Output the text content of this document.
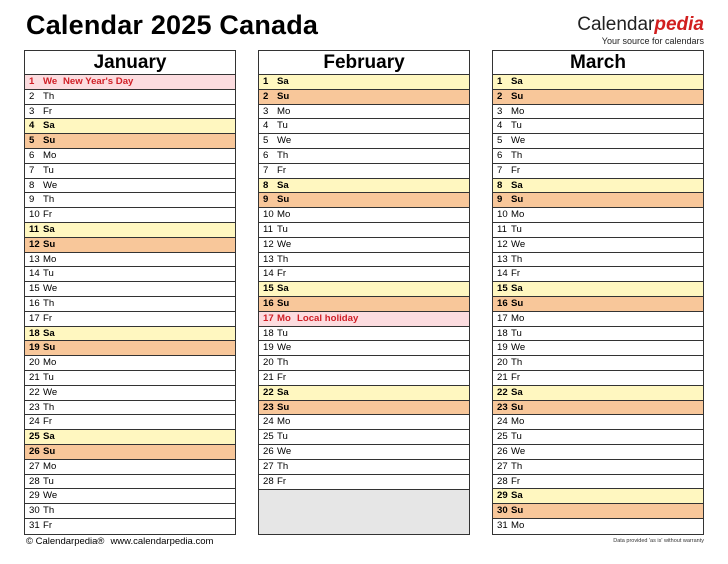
Calendar 2025 Canada	Calendarpedia
Your source for calendars
January
1 We New Year's Day
2 Th
3 Fr
4 Sa
5 Su
6 Mo
7 Tu
8 We
9 Th
10 Fr
11 Sa
12 Su
13 Mo
14 Tu
15 We
16 Th
17 Fr
18 Sa
19 Su
20 Mo
21 Tu
22 We
23 Th
24 Fr
25 Sa
26 Su
27 Mo
28 Tu
29 We
30 Th
31 Fr
February
1 Sa
2 Su
3 Mo
4 Tu
5 We
6 Th
7 Fr
8 Sa
9 Su
10 Mo
11 Tu
12 We
13 Th
14 Fr
15 Sa
16 Su
17 Mo Local holiday
18 Tu
19 We
20 Th
21 Fr
22 Sa
23 Su
24 Mo
25 Tu
26 We
27 Th
28 Fr
March
1 Sa
2 Su
3 Mo
4 Tu
5 We
6 Th
7 Fr
8 Sa
9 Su
10 Mo
11 Tu
12 We
13 Th
14 Fr
15 Sa
16 Su
17 Mo
18 Tu
19 We
20 Th
21 Fr
22 Sa
23 Su
24 Mo
25 Tu
26 We
27 Th
28 Fr
29 Sa
30 Su
31 Mo
© Calendarpedia® www.calendarpedia.com	Data provided 'as is' without warranty
